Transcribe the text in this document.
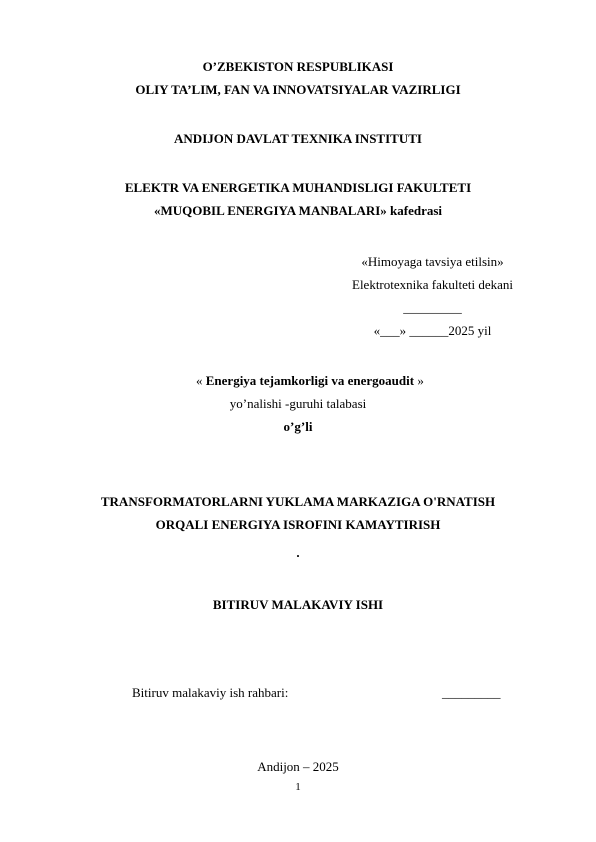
O’ZBEKISTON RESPUBLIKASI
OLIY TA’LIM, FAN VA INNOVATSIYALAR VAZIRLIGI
ANDIJON DAVLAT TEXNIKA INSTITUTI
ELEKTR VA ENERGETIKA MUHANDISLIGI FAKULTETI
«MUQOBIL ENERGIYA MANBALARI» kafedrasi
«Himoyaga tavsiya etilsin»
Elektrotexnika fakulteti dekani
_________
«___» ______2025 yil
« Energiya tejamkorligi va energoaudit »
yo’nalishi -guruhi talabasi
o’g’li
TRANSFORMATORLARNI YUKLAMA MARKAZIGA O'RNATISH
ORQALI ENERGIYA ISROFINI KAMAYTIRISH
.
BITIRUV MALAKAVIY ISHI
Bitiruv malakaviy ish rahbari:	_________
Andijon – 2025
1
